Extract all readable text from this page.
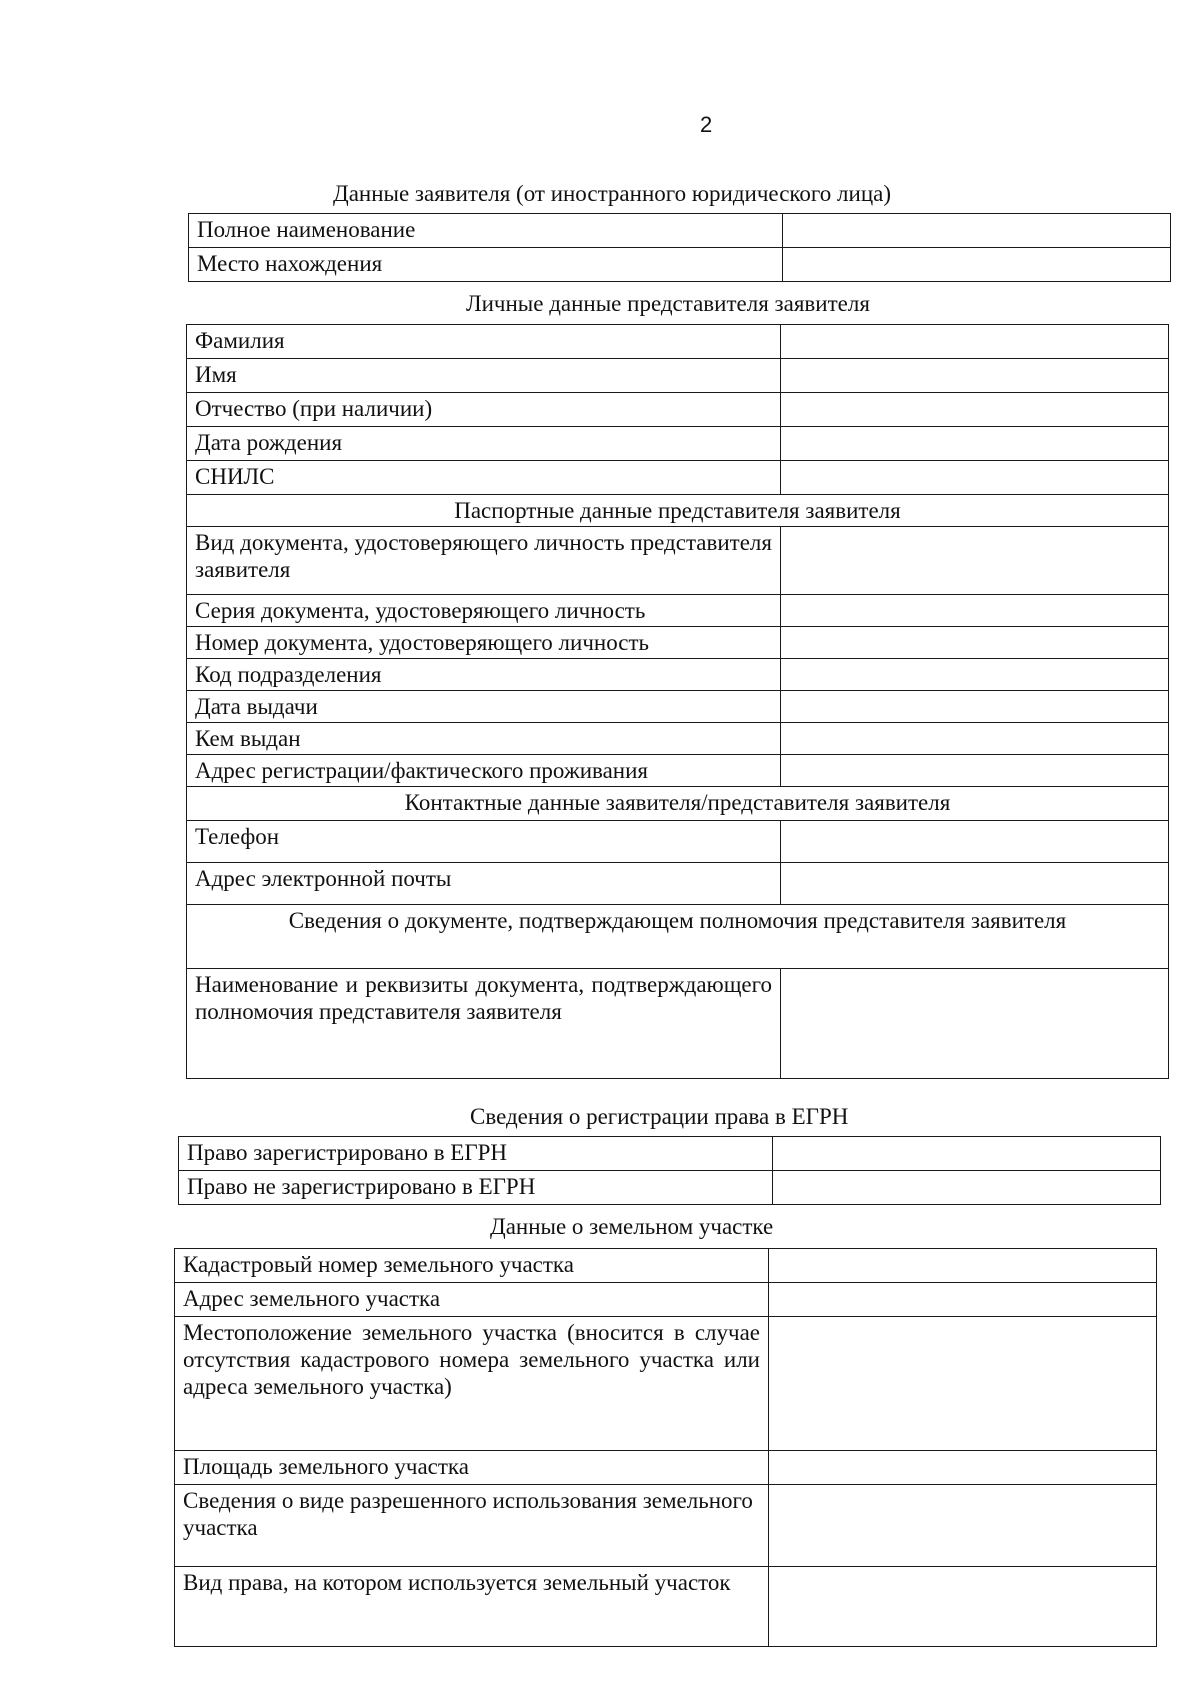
2
Данные заявителя (от иностранного юридического лица)
Полное наименование	
Место нахождения	
Личные данные представителя заявителя
Фамилия	
Имя	
Отчество (при наличии)	
Дата рождения	
СНИЛС	
Паспортные данные представителя заявителя	
Вид документа, удостоверяющего личность представителя заявителя	
Серия документа, удостоверяющего личность	
Номер документа, удостоверяющего личность	
Код подразделения	
Дата выдачи	
Кем выдан	
Адрес регистрации/фактического проживания	
Контактные данные заявителя/представителя заявителя	
Телефон	
Адрес электронной почты	
Сведения о документе, подтверждающем полномочия представителя заявителя	
Наименование и реквизиты документа, подтверждающего полномочия представителя заявителя	
Сведения о регистрации права в ЕГРН
Право зарегистрировано в ЕГРН	
Право не зарегистрировано в ЕГРН	
Данные о земельном участке
Кадастровый номер земельного участка	
Адрес земельного участка	
Местоположение земельного участка (вносится в случае отсутствия кадастрового номера земельного участка или адреса земельного участка)	
Площадь земельного участка	
Сведения о виде разрешенного использования земельного участка	
Вид права, на котором используется земельный участок	
